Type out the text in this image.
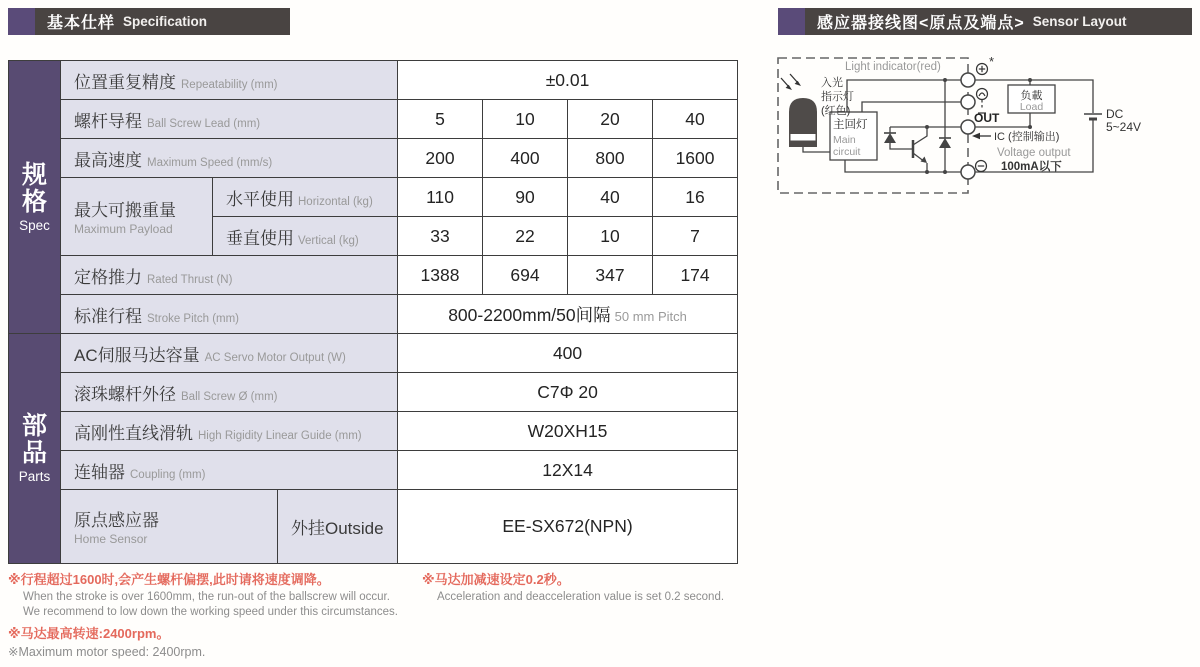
基本仕样 Specification	感应器接线图<原点及端点> Sensor Layout
规格
Spec	位置重复精度 Repeatability (mm)			±0.01			
	螺杆导程 Ball Screw Lead (mm)			5	10	20	40
	最高速度 Maximum Speed (mm/s)			200	400	800	1600
	最大可搬重量
Maximum Payload	水平使用 Horizontal (kg)		110	90	40	16
		垂直使用 Vertical (kg)		33	22	10	7
	定格推力 Rated Thrust (N)			1388	694	347	174
	标准行程 Stroke Pitch (mm)			800-2200mm/50间隔 50 mm Pitch			

部品
Parts	AC伺服马达容量 AC Servo Motor Output (W)			400			
	滚珠螺杆外径 Ball Screw Ø (mm)			C7Φ 20			
	高刚性直线滑轨 High Rigidity Linear Guide (mm)			W20XH15			
	连轴器 Coupling (mm)			12X14			
	原点感应器
Home Sensor		外挂Outside	EE-SX672(NPN)			
※行程超过1600时,会产生螺杆偏摆,此时请将速度调降。
When the stroke is over 1600mm, the run-out of the ballscrew will occur.
We recommend to low down the working speed under this circumstances.
※马达最高转速:2400rpm。
※Maximum motor speed: 2400rpm.
※马达加减速设定0.2秒。
Acceleration and deacceleration value is set 0.2 second.
Light indicator(red)
入光
指示灯
(红色)
主回灯
Main
circuit
负載
Load
OUT
IC (控制输出)
Voltage output
100mA以下
DC
5~24V
*
